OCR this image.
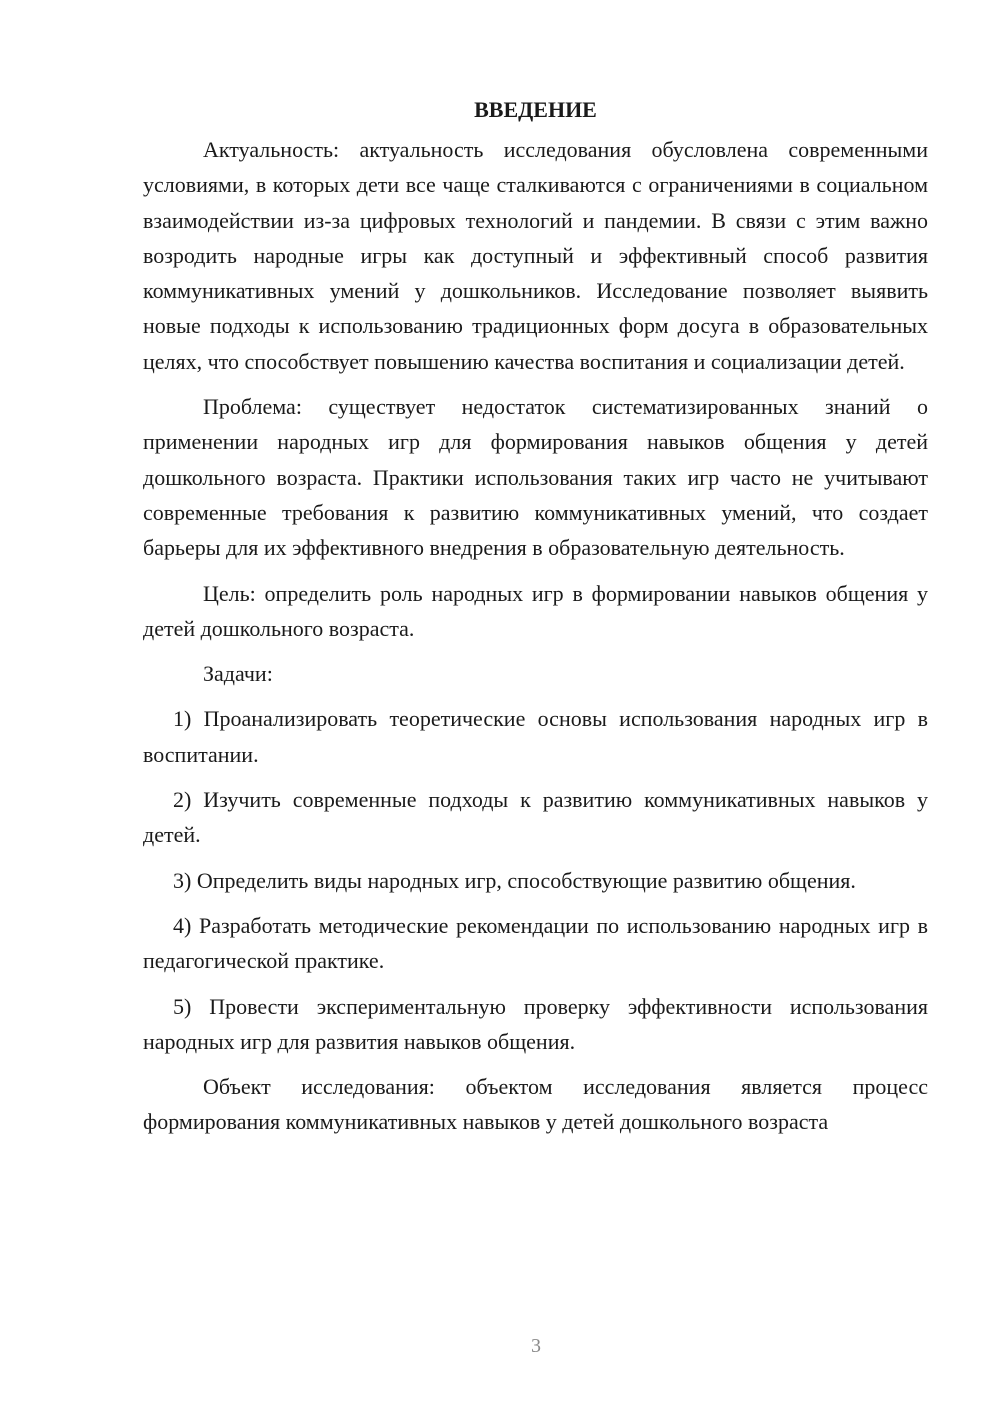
ВВЕДЕНИЕ

Актуальность: актуальность исследования обусловлена современными условиями, в которых дети все чаще сталкиваются с ограничениями в социальном взаимодействии из-за цифровых технологий и пандемии. В связи с этим важно возродить народные игры как доступный и эффективный способ развития коммуникативных умений у дошкольников. Исследование позволяет выявить новые подходы к использованию традиционных форм досуга в образовательных целях, что способствует повышению качества воспитания и социализации детей.

Проблема: существует недостаток систематизированных знаний о применении народных игр для формирования навыков общения у детей дошкольного возраста. Практики использования таких игр часто не учитывают современные требования к развитию коммуникативных умений, что создает барьеры для их эффективного внедрения в образовательную деятельность.

Цель: определить роль народных игр в формировании навыков общения у детей дошкольного возраста.

Задачи:

1) Проанализировать теоретические основы использования народных игр в воспитании.

2) Изучить современные подходы к развитию коммуникативных навыков у детей.

3) Определить виды народных игр, способствующие развитию общения.

4) Разработать методические рекомендации по использованию народных игр в педагогической практике.

5) Провести экспериментальную проверку эффективности использования народных игр для развития навыков общения.

Объект исследования: объектом исследования является процесс формирования коммуникативных навыков у детей дошкольного возраста

3
